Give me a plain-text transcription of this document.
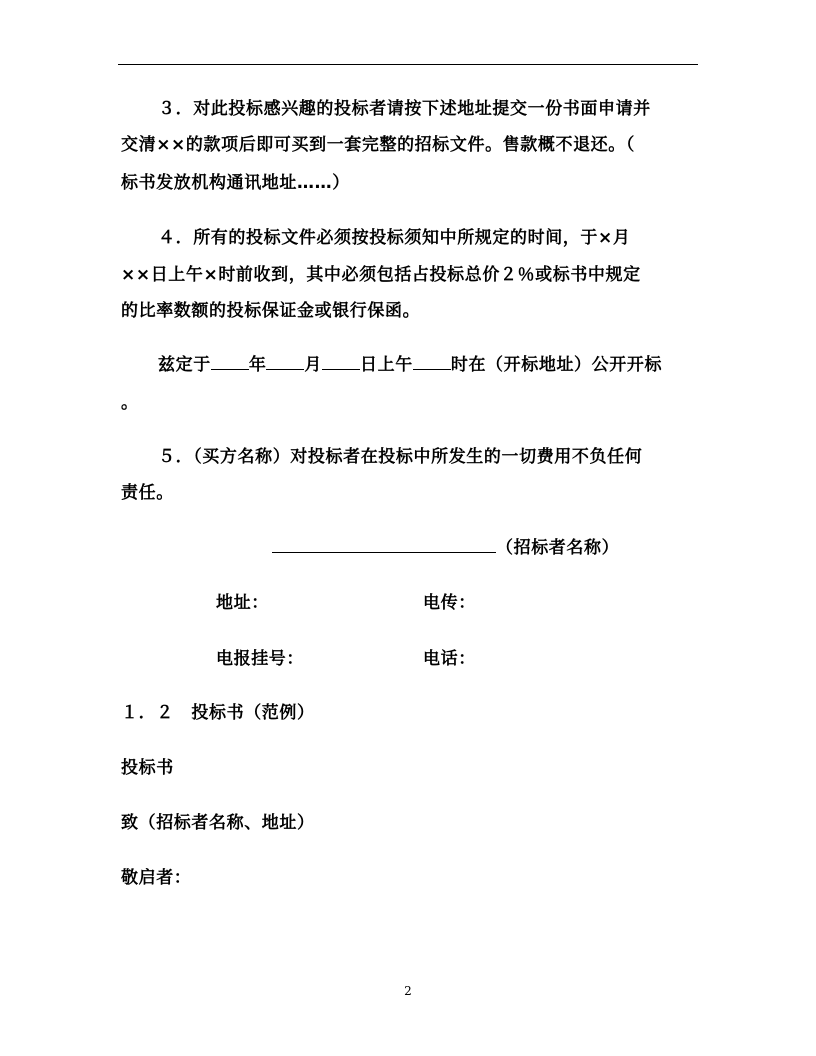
３．对此投标感兴趣的投标者请按下述地址提交一份书面申请并
交清××的款项后即可买到一套完整的招标文件。售款概不退还。（
标书发放机构通讯地址……）
４．所有的投标文件必须按投标须知中所规定的时间，于×月
××日上午×时前收到，其中必须包括占投标总价２％或标书中规定
的比率数额的投标保证金或银行保函。
兹定于 年 月 日上午 时在（开标地址）公开开标
。
５．（买方名称）对投标者在投标中所发生的一切费用不负任何
责任。
（招标者名称）
地址：	电传：
电报挂号：	电话：
１．２　投标书（范例）
投标书
致（招标者名称、地址）
敬启者：
2
